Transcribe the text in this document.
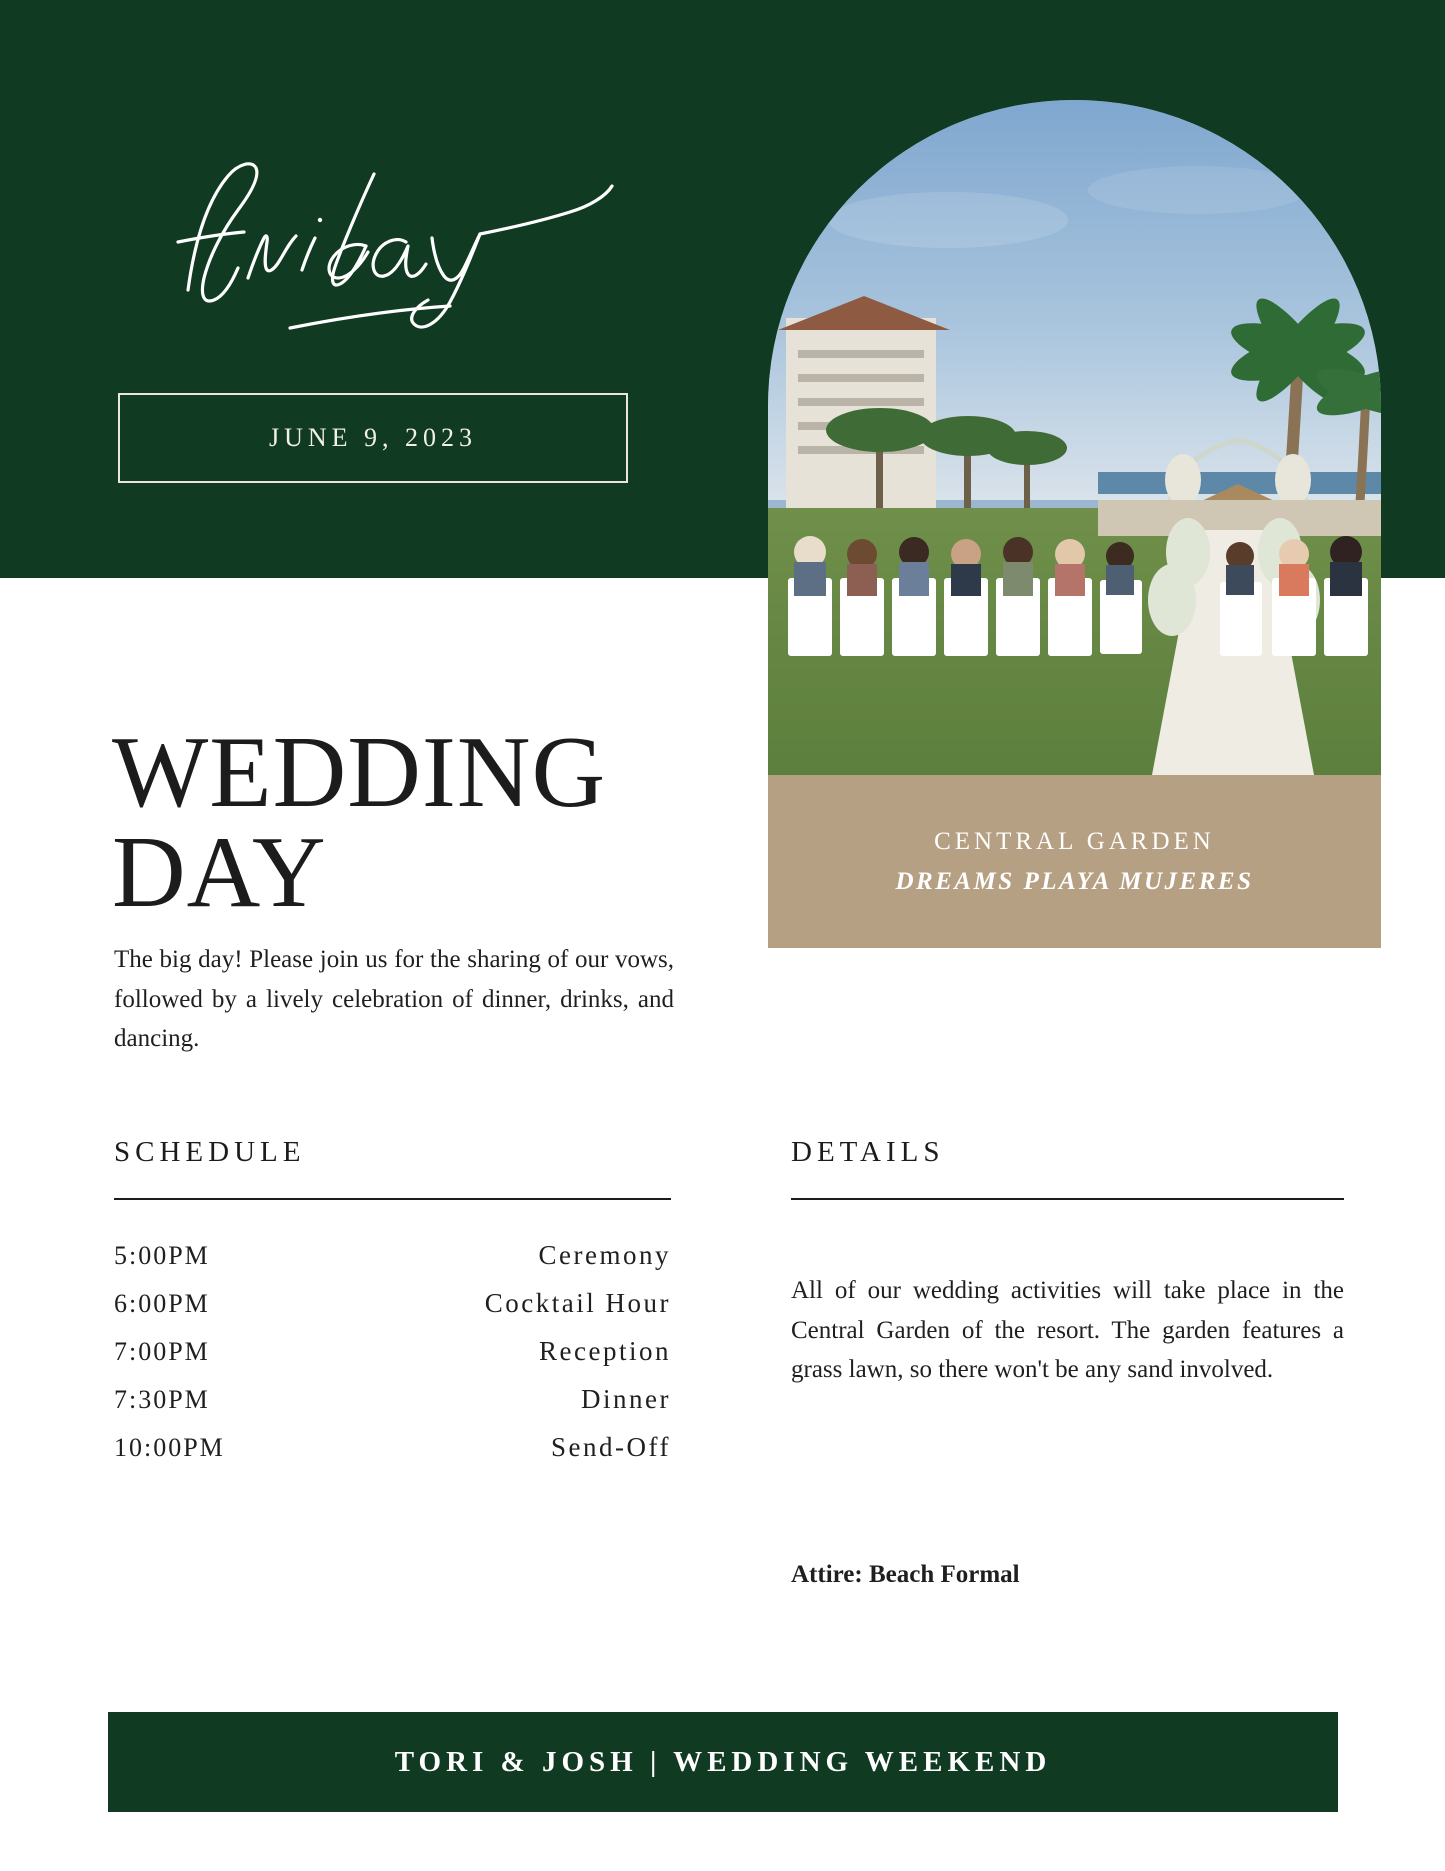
JUNE 9, 2023
CENTRAL GARDEN
DREAMS PLAYA MUJERES
WEDDING DAY

The big day! Please join us for the sharing of our vows, followed by a lively celebration of dinner, drinks, and dancing.

SCHEDULE
5:00PM	Ceremony
6:00PM	Cocktail Hour
7:00PM	Reception
7:30PM	Dinner
10:00PM	Send-Off
DETAILS

All of our wedding activities will take place in the Central Garden of the resort. The garden features a grass lawn, so there won't be any sand involved.

Attire: Beach Formal

TORI & JOSH | WEDDING WEEKEND
